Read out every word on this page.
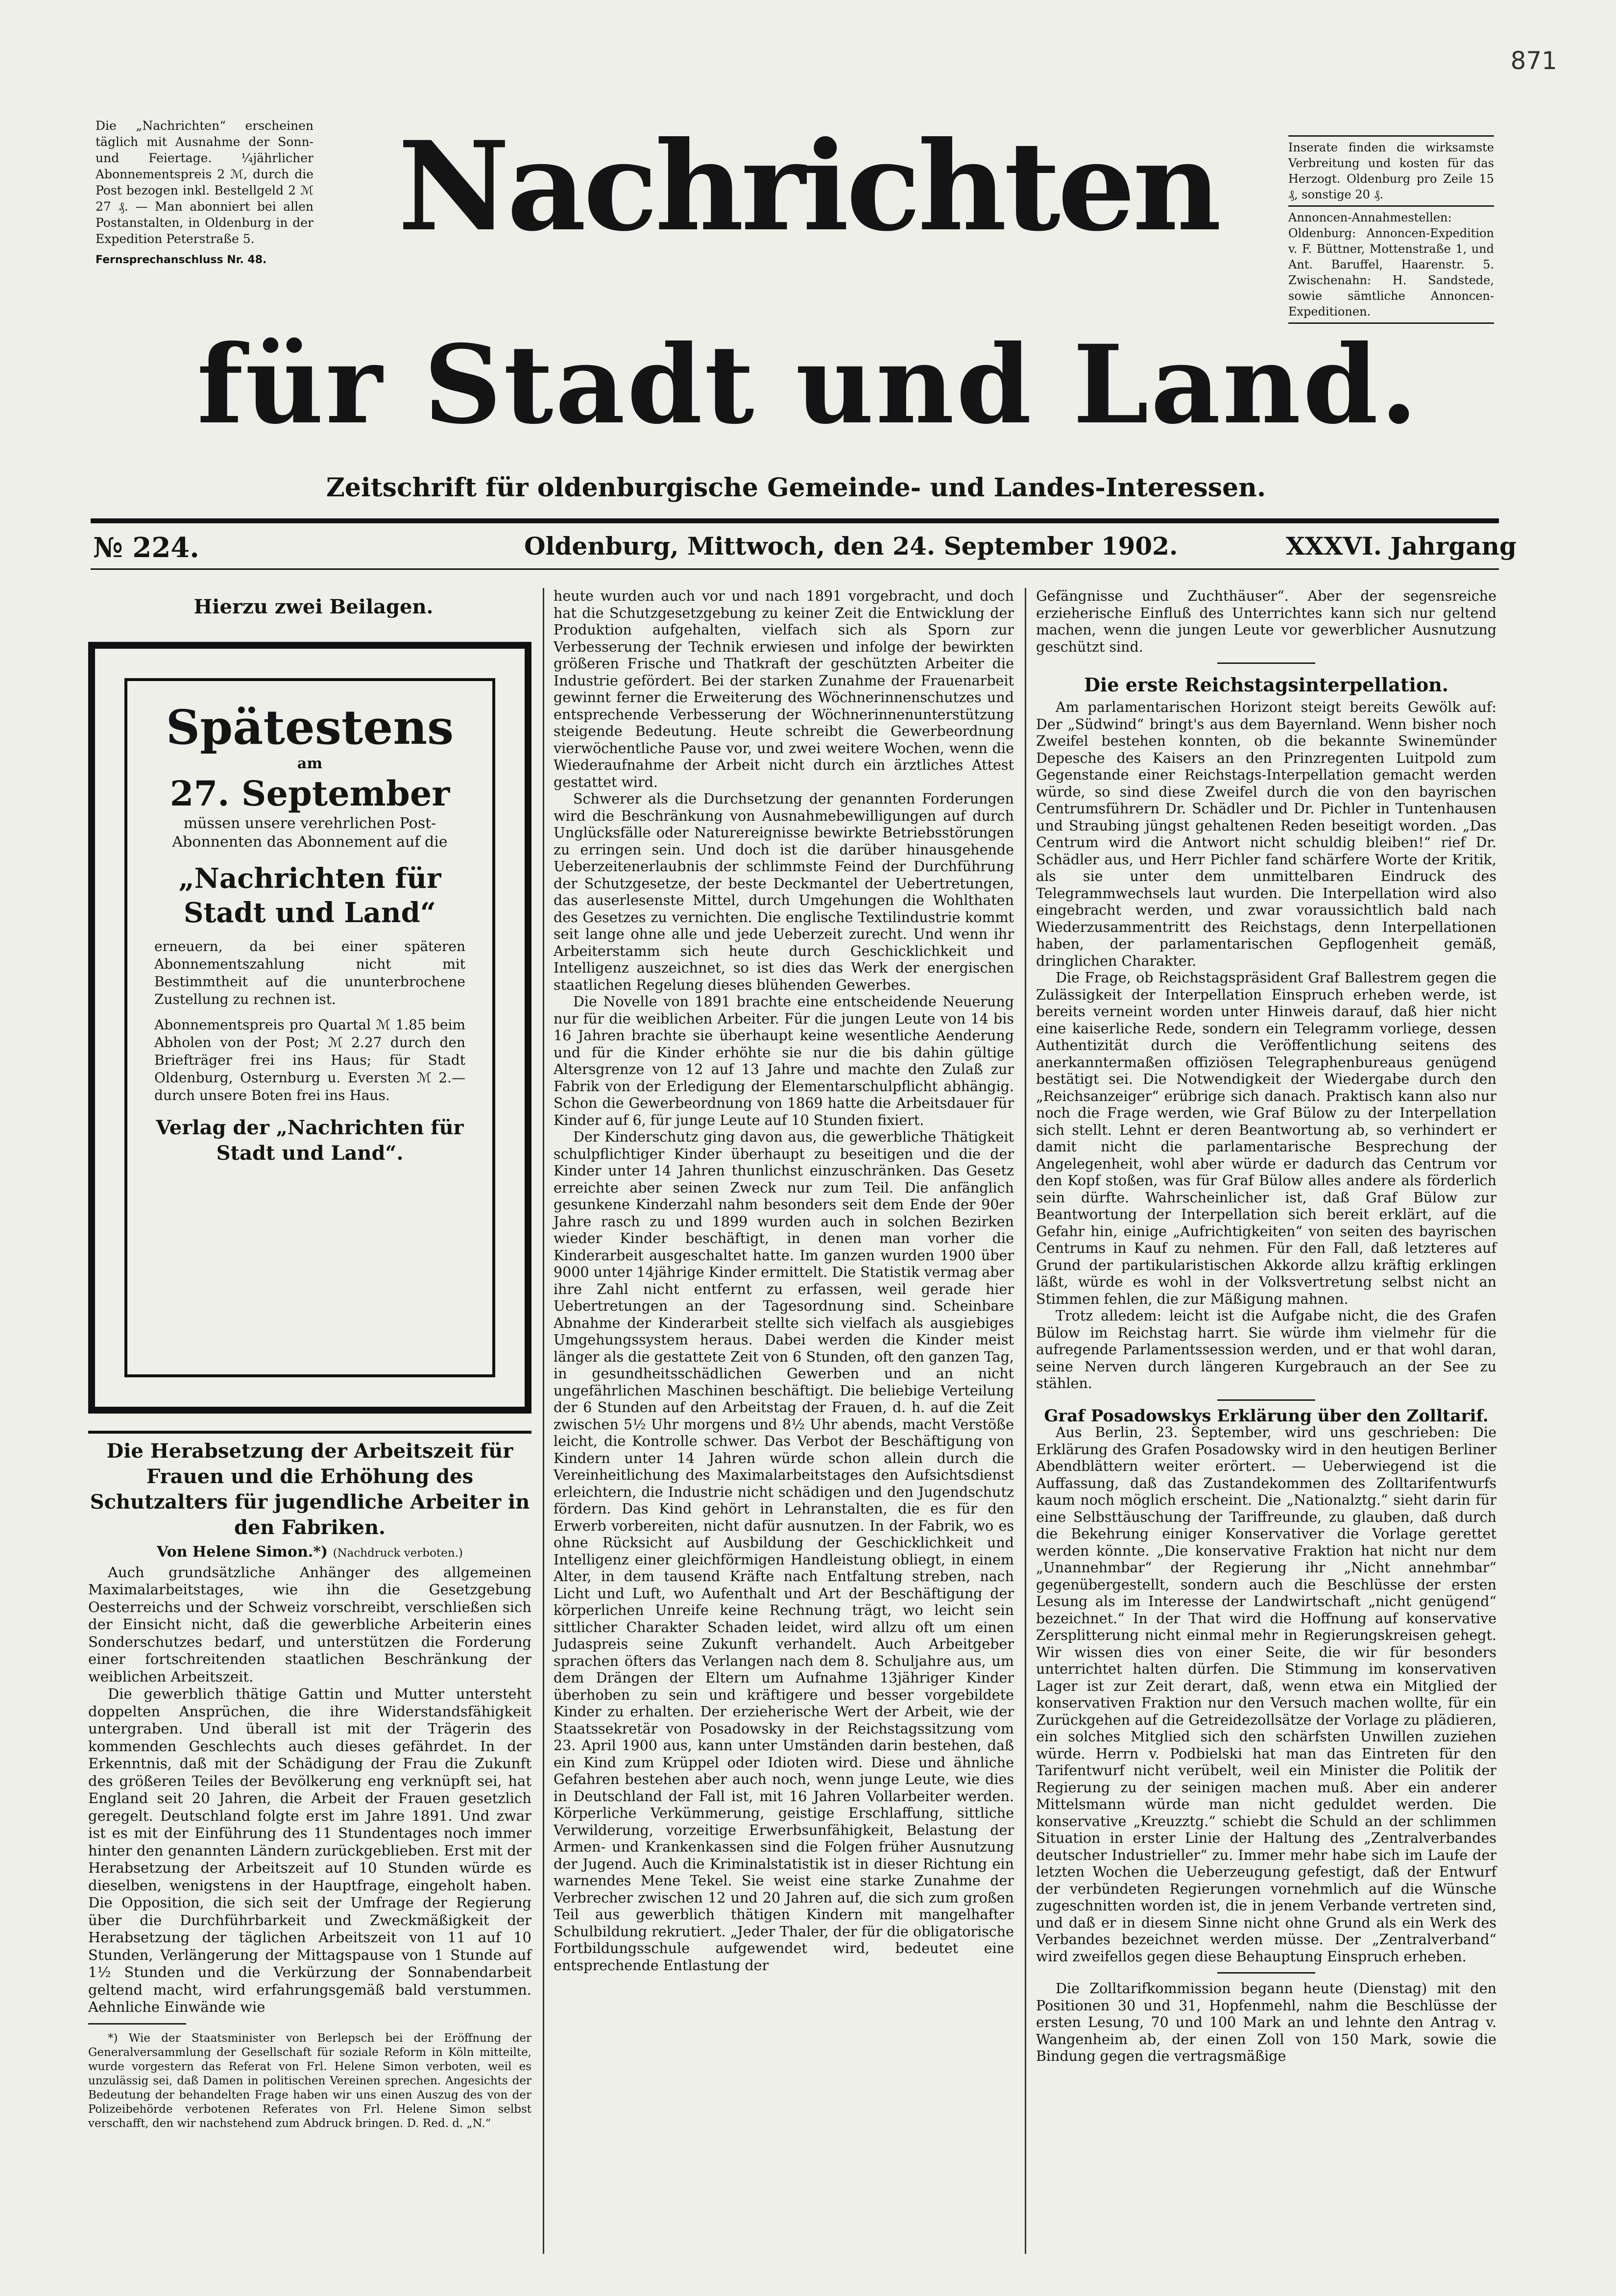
871
Die „Nachrichten“ erscheinen täglich mit Ausnahme der Sonn- und Feiertage. ¼jährlicher Abonnementspreis 2 ℳ, durch die Post bezogen inkl. Bestellgeld 2 ℳ 27 ₰. — Man abonniert bei allen Postanstalten, in Oldenburg in der Expedition Peterstraße 5.
Fernsprechanschluss Nr. 48.
Inserate finden die wirksamste Verbreitung und kosten für das Herzogt. Oldenburg pro Zeile 15 ₰, sonstige 20 ₰.
Annoncen-Annahmestellen: Oldenburg: Annoncen-Expedition v. F. Büttner, Mottenstraße 1, und Ant. Baruffel, Haarenstr. 5. Zwischenahn: H. Sandstede, sowie sämtliche Annoncen-Expeditionen.
Nachrichten
für Stadt und Land.
Zeitschrift für oldenburgische Gemeinde- und Landes-Interessen.
№ 224.	Oldenburg, Mittwoch, den 24. September 1902.	XXXVI. Jahrgang
Hierzu zwei Beilagen.
Spätestens
am
27. September
müssen unsere verehrlichen Post-Abonnenten das Abonnement auf die
„Nachrichten für Stadt und Land“
erneuern, da bei einer späteren Abonnementszahlung nicht mit Bestimmtheit auf die ununterbrochene Zustellung zu rechnen ist.
Abonnementspreis pro Quartal ℳ 1.85 beim Abholen von der Post; ℳ 2.27 durch den Briefträger frei ins Haus; für Stadt Oldenburg, Osternburg u. Eversten ℳ 2.— durch unsere Boten frei ins Haus.
Verlag der „Nachrichten für Stadt und Land“.
Die Herabsetzung der Arbeitszeit für Frauen und die Erhöhung des Schutzalters für jugendliche Arbeiter in den Fabriken.
Von Helene Simon.*) (Nachdruck verboten.)

Auch grundsätzliche Anhänger des allgemeinen Maximalarbeitstages, wie ihn die Gesetzgebung Oesterreichs und der Schweiz vorschreibt, verschließen sich der Einsicht nicht, daß die gewerbliche Arbeiterin eines Sonderschutzes bedarf, und unterstützen die Forderung einer fortschreitenden staatlichen Beschränkung der weiblichen Arbeitszeit.

Die gewerblich thätige Gattin und Mutter untersteht doppelten Ansprüchen, die ihre Widerstandsfähigkeit untergraben. Und überall ist mit der Trägerin des kommenden Geschlechts auch dieses gefährdet. In der Erkenntnis, daß mit der Schädigung der Frau die Zukunft des größeren Teiles der Bevölkerung eng verknüpft sei, hat England seit 20 Jahren, die Arbeit der Frauen gesetzlich geregelt. Deutschland folgte erst im Jahre 1891. Und zwar ist es mit der Einführung des 11 Stundentages noch immer hinter den genannten Ländern zurückgeblieben. Erst mit der Herabsetzung der Arbeitszeit auf 10 Stunden würde es dieselben, wenigstens in der Hauptfrage, eingeholt haben. Die Opposition, die sich seit der Umfrage der Regierung über die Durchführbarkeit und Zweckmäßigkeit der Herabsetzung der täglichen Arbeitszeit von 11 auf 10 Stunden, Verlängerung der Mittagspause von 1 Stunde auf 1½ Stunden und die Verkürzung der Sonnabendarbeit geltend macht, wird erfahrungsgemäß bald verstummen. Aehnliche Einwände wie

*) Wie der Staatsminister von Berlepsch bei der Eröffnung der Generalversammlung der Gesellschaft für soziale Reform in Köln mitteilte, wurde vorgestern das Referat von Frl. Helene Simon verboten, weil es unzulässig sei, daß Damen in politischen Vereinen sprechen. Angesichts der Bedeutung der behandelten Frage haben wir uns einen Auszug des von der Polizeibehörde verbotenen Referates von Frl. Helene Simon selbst verschafft, den wir nachstehend zum Abdruck bringen. D. Red. d. „N.“

heute wurden auch vor und nach 1891 vorgebracht, und doch hat die Schutzgesetzgebung zu keiner Zeit die Entwicklung der Produktion aufgehalten, vielfach sich als Sporn zur Verbesserung der Technik erwiesen und infolge der bewirkten größeren Frische und Thatkraft der geschützten Arbeiter die Industrie gefördert. Bei der starken Zunahme der Frauenarbeit gewinnt ferner die Erweiterung des Wöchnerinnenschutzes und entsprechende Verbesserung der Wöchnerinnenunterstützung steigende Bedeutung. Heute schreibt die Gewerbeordnung vierwöchentliche Pause vor, und zwei weitere Wochen, wenn die Wiederaufnahme der Arbeit nicht durch ein ärztliches Attest gestattet wird.

Schwerer als die Durchsetzung der genannten Forderungen wird die Beschränkung von Ausnahmebewilligungen auf durch Unglücksfälle oder Naturereignisse bewirkte Betriebsstörungen zu erringen sein. Und doch ist die darüber hinausgehende Ueberzeitenerlaubnis der schlimmste Feind der Durchführung der Schutzgesetze, der beste Deckmantel der Uebertretungen, das auserlesenste Mittel, durch Umgehungen die Wohlthaten des Gesetzes zu vernichten. Die englische Textilindustrie kommt seit lange ohne alle und jede Ueberzeit zurecht. Und wenn ihr Arbeiterstamm sich heute durch Geschicklichkeit und Intelligenz auszeichnet, so ist dies das Werk der energischen staatlichen Regelung dieses blühenden Gewerbes.

Die Novelle von 1891 brachte eine entscheidende Neuerung nur für die weiblichen Arbeiter. Für die jungen Leute von 14 bis 16 Jahren brachte sie überhaupt keine wesentliche Aenderung und für die Kinder erhöhte sie nur die bis dahin gültige Altersgrenze von 12 auf 13 Jahre und machte den Zulaß zur Fabrik von der Erledigung der Elementarschulpflicht abhängig. Schon die Gewerbeordnung von 1869 hatte die Arbeitsdauer für Kinder auf 6, für junge Leute auf 10 Stunden fixiert.

Der Kinderschutz ging davon aus, die gewerbliche Thätigkeit schulpflichtiger Kinder überhaupt zu beseitigen und die der Kinder unter 14 Jahren thunlichst einzuschränken. Das Gesetz erreichte aber seinen Zweck nur zum Teil. Die anfänglich gesunkene Kinderzahl nahm besonders seit dem Ende der 90er Jahre rasch zu und 1899 wurden auch in solchen Bezirken wieder Kinder beschäftigt, in denen man vorher die Kinderarbeit ausgeschaltet hatte. Im ganzen wurden 1900 über 9000 unter 14jährige Kinder ermittelt. Die Statistik vermag aber ihre Zahl nicht entfernt zu erfassen, weil gerade hier Uebertretungen an der Tagesordnung sind. Scheinbare Abnahme der Kinderarbeit stellte sich vielfach als ausgiebiges Umgehungssystem heraus. Dabei werden die Kinder meist länger als die gestattete Zeit von 6 Stunden, oft den ganzen Tag, in gesundheitsschädlichen Gewerben und an nicht ungefährlichen Maschinen beschäftigt. Die beliebige Verteilung der 6 Stunden auf den Arbeitstag der Frauen, d. h. auf die Zeit zwischen 5½ Uhr morgens und 8½ Uhr abends, macht Verstöße leicht, die Kontrolle schwer. Das Verbot der Beschäftigung von Kindern unter 14 Jahren würde schon allein durch die Vereinheitlichung des Maximalarbeitstages den Aufsichtsdienst erleichtern, die Industrie nicht schädigen und den Jugendschutz fördern. Das Kind gehört in Lehranstalten, die es für den Erwerb vorbereiten, nicht dafür ausnutzen. In der Fabrik, wo es ohne Rücksicht auf Ausbildung der Geschicklichkeit und Intelligenz einer gleichförmigen Handleistung obliegt, in einem Alter, in dem tausend Kräfte nach Entfaltung streben, nach Licht und Luft, wo Aufenthalt und Art der Beschäftigung der körperlichen Unreife keine Rechnung trägt, wo leicht sein sittlicher Charakter Schaden leidet, wird allzu oft um einen Judaspreis seine Zukunft verhandelt. Auch Arbeitgeber sprachen öfters das Verlangen nach dem 8. Schuljahre aus, um dem Drängen der Eltern um Aufnahme 13jähriger Kinder überhoben zu sein und kräftigere und besser vorgebildete Kinder zu erhalten. Der erzieherische Wert der Arbeit, wie der Staatssekretär von Posadowsky in der Reichstagssitzung vom 23. April 1900 aus, kann unter Umständen darin bestehen, daß ein Kind zum Krüppel oder Idioten wird. Diese und ähnliche Gefahren bestehen aber auch noch, wenn junge Leute, wie dies in Deutschland der Fall ist, mit 16 Jahren Vollarbeiter werden. Körperliche Verkümmerung, geistige Erschlaffung, sittliche Verwilderung, vorzeitige Erwerbsunfähigkeit, Belastung der Armen- und Krankenkassen sind die Folgen früher Ausnutzung der Jugend. Auch die Kriminalstatistik ist in dieser Richtung ein warnendes Mene Tekel. Sie weist eine starke Zunahme der Verbrecher zwischen 12 und 20 Jahren auf, die sich zum großen Teil aus gewerblich thätigen Kindern mit mangelhafter Schulbildung rekrutiert. „Jeder Thaler, der für die obligatorische Fortbildungsschule aufgewendet wird, bedeutet eine entsprechende Entlastung der

Gefängnisse und Zuchthäuser“. Aber der segensreiche erzieherische Einfluß des Unterrichtes kann sich nur geltend machen, wenn die jungen Leute vor gewerblicher Ausnutzung geschützt sind.

Die erste Reichstagsinterpellation.

Am parlamentarischen Horizont steigt bereits Gewölk auf: Der „Südwind“ bringt's aus dem Bayernland. Wenn bisher noch Zweifel bestehen konnten, ob die bekannte Swinemünder Depesche des Kaisers an den Prinzregenten Luitpold zum Gegenstande einer Reichstags-Interpellation gemacht werden würde, so sind diese Zweifel durch die von den bayrischen Centrumsführern Dr. Schädler und Dr. Pichler in Tuntenhausen und Straubing jüngst gehaltenen Reden beseitigt worden. „Das Centrum wird die Antwort nicht schuldig bleiben!“ rief Dr. Schädler aus, und Herr Pichler fand schärfere Worte der Kritik, als sie unter dem unmittelbaren Eindruck des Telegrammwechsels laut wurden. Die Interpellation wird also eingebracht werden, und zwar voraussichtlich bald nach Wiederzusammentritt des Reichstags, denn Interpellationen haben, der parlamentarischen Gepflogenheit gemäß, dringlichen Charakter.

Die Frage, ob Reichstagspräsident Graf Ballestrem gegen die Zulässigkeit der Interpellation Einspruch erheben werde, ist bereits verneint worden unter Hinweis darauf, daß hier nicht eine kaiserliche Rede, sondern ein Telegramm vorliege, dessen Authentizität durch die Veröffentlichung seitens des anerkanntermaßen offiziösen Telegraphenbureaus genügend bestätigt sei. Die Notwendigkeit der Wiedergabe durch den „Reichsanzeiger“ erübrige sich danach. Praktisch kann also nur noch die Frage werden, wie Graf Bülow zu der Interpellation sich stellt. Lehnt er deren Beantwortung ab, so verhindert er damit nicht die parlamentarische Besprechung der Angelegenheit, wohl aber würde er dadurch das Centrum vor den Kopf stoßen, was für Graf Bülow alles andere als förderlich sein dürfte. Wahrscheinlicher ist, daß Graf Bülow zur Beantwortung der Interpellation sich bereit erklärt, auf die Gefahr hin, einige „Aufrichtigkeiten“ von seiten des bayrischen Centrums in Kauf zu nehmen. Für den Fall, daß letzteres auf Grund der partikularistischen Akkorde allzu kräftig erklingen läßt, würde es wohl in der Volksvertretung selbst nicht an Stimmen fehlen, die zur Mäßigung mahnen.

Trotz alledem: leicht ist die Aufgabe nicht, die des Grafen Bülow im Reichstag harrt. Sie würde ihm vielmehr für die aufregende Parlamentssession werden, und er that wohl daran, seine Nerven durch längeren Kurgebrauch an der See zu stählen.

Graf Posadowskys Erklärung über den Zolltarif.

Aus Berlin, 23. September, wird uns geschrieben: Die Erklärung des Grafen Posadowsky wird in den heutigen Berliner Abendblättern weiter erörtert. — Ueberwiegend ist die Auffassung, daß das Zustandekommen des Zolltarifentwurfs kaum noch möglich erscheint. Die „Nationalztg.“ sieht darin für eine Selbsttäuschung der Tariffreunde, zu glauben, daß durch die Bekehrung einiger Konservativer die Vorlage gerettet werden könnte. „Die konservative Fraktion hat nicht nur dem „Unannehmbar“ der Regierung ihr „Nicht annehmbar“ gegenübergestellt, sondern auch die Beschlüsse der ersten Lesung als im Interesse der Landwirtschaft „nicht genügend“ bezeichnet.“ In der That wird die Hoffnung auf konservative Zersplitterung nicht einmal mehr in Regierungskreisen gehegt. Wir wissen dies von einer Seite, die wir für besonders unterrichtet halten dürfen. Die Stimmung im konservativen Lager ist zur Zeit derart, daß, wenn etwa ein Mitglied der konservativen Fraktion nur den Versuch machen wollte, für ein Zurückgehen auf die Getreidezollsätze der Vorlage zu plädieren, ein solches Mitglied sich den schärfsten Unwillen zuziehen würde. Herrn v. Podbielski hat man das Eintreten für den Tarifentwurf nicht verübelt, weil ein Minister die Politik der Regierung zu der seinigen machen muß. Aber ein anderer Mittelsmann würde man nicht geduldet werden. Die konservative „Kreuzztg.“ schiebt die Schuld an der schlimmen Situation in erster Linie der Haltung des „Zentralverbandes deutscher Industrieller“ zu. Immer mehr habe sich im Laufe der letzten Wochen die Ueberzeugung gefestigt, daß der Entwurf der verbündeten Regierungen vornehmlich auf die Wünsche zugeschnitten worden ist, die in jenem Verbande vertreten sind, und daß er in diesem Sinne nicht ohne Grund als ein Werk des Verbandes bezeichnet werden müsse. Der „Zentralverband“ wird zweifellos gegen diese Behauptung Einspruch erheben.

Die Zolltarifkommission begann heute (Dienstag) mit den Positionen 30 und 31, Hopfenmehl, nahm die Beschlüsse der ersten Lesung, 70 und 100 Mark an und lehnte den Antrag v. Wangenheim ab, der einen Zoll von 150 Mark, sowie die Bindung gegen die vertragsmäßige
